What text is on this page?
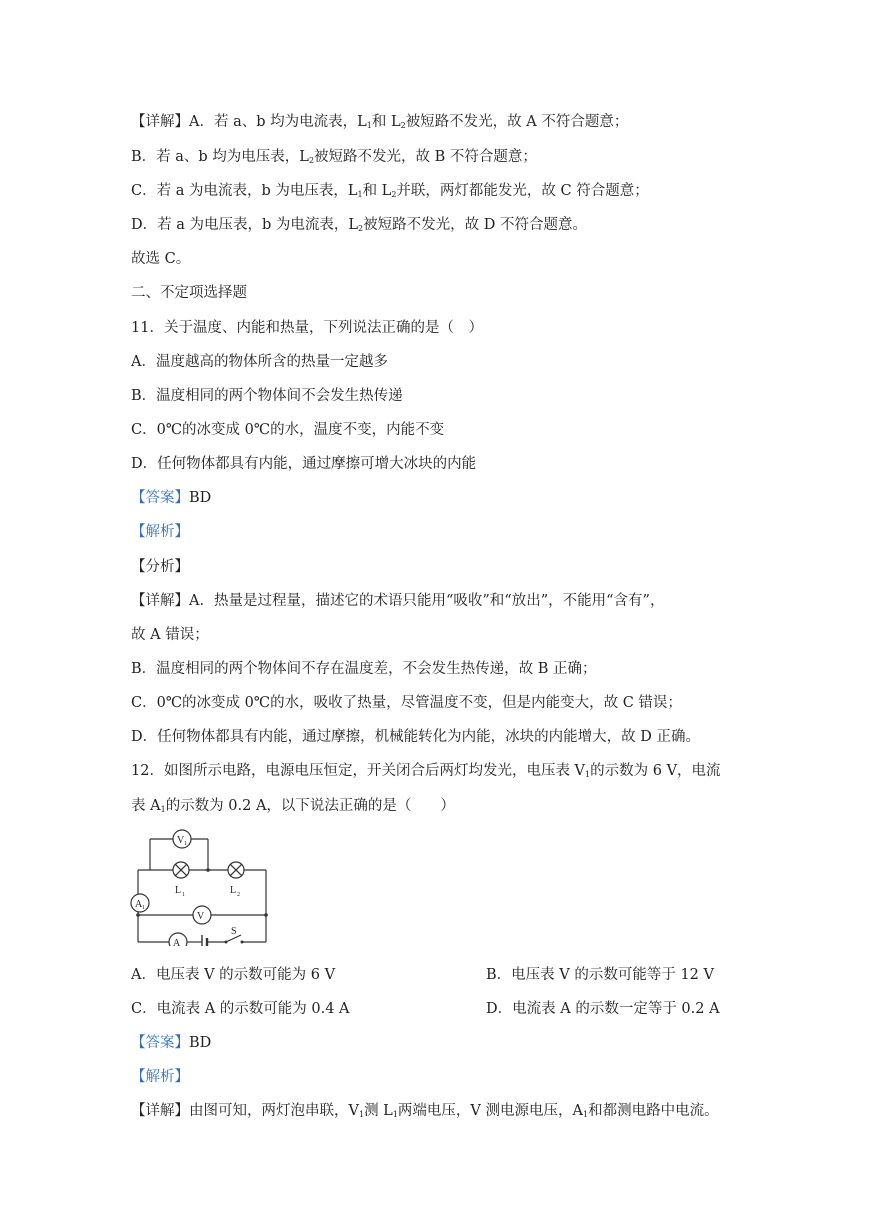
【详解】A．若 a、b 均为电流表，$L_1$和 $L_2$被短路不发光，故 A 不符合题意；
B．若 a、b 均为电压表，$L_2$被短路不发光，故 B 不符合题意；
C．若 a 为电流表，b 为电压表，$L_1$和 $L_2$并联，两灯都能发光，故 C 符合题意；
D．若 a 为电压表，b 为电流表，$L_2$被短路不发光，故 D 不符合题意。
故选 C。
二、不定项选择题
11．关于温度、内能和热量，下列说法正确的是（　）
A．温度越高的物体所含的热量一定越多
B．温度相同的两个物体间不会发生热传递
C．0℃的冰变成 0℃的水，温度不变，内能不变
D．任何物体都具有内能，通过摩擦可增大冰块的内能
【答案】BD
【解析】
【分析】
【详解】A．热量是过程量，描述它的术语只能用“吸收”和“放出”，不能用“含有”，
故 A 错误；
B．温度相同的两个物体间不存在温度差，不会发生热传递，故 B 正确；
C．0℃的冰变成 0℃的水，吸收了热量，尽管温度不变，但是内能变大，故 C 错误；
D．任何物体都具有内能，通过摩擦，机械能转化为内能，冰块的内能增大，故 D 正确。
12．如图所示电路，电源电压恒定，开关闭合后两灯均发光，电压表 $V_1$的示数为 6 V，电流
表 $A_1$的示数为 0.2 A，以下说法正确的是（　　）
V 1
L 1	L 2
A 1
V
A
S
A．电压表 V 的示数可能为 6 V	B．电压表 V 的示数可能等于 12 V
C．电流表 A 的示数可能为 0.4 A	D．电流表 A 的示数一定等于 0.2 A
【答案】BD
【解析】
【详解】由图可知，两灯泡串联，$V_1$测 $L_1$两端电压，V 测电源电压，$A_1$和都测电路中电流。
